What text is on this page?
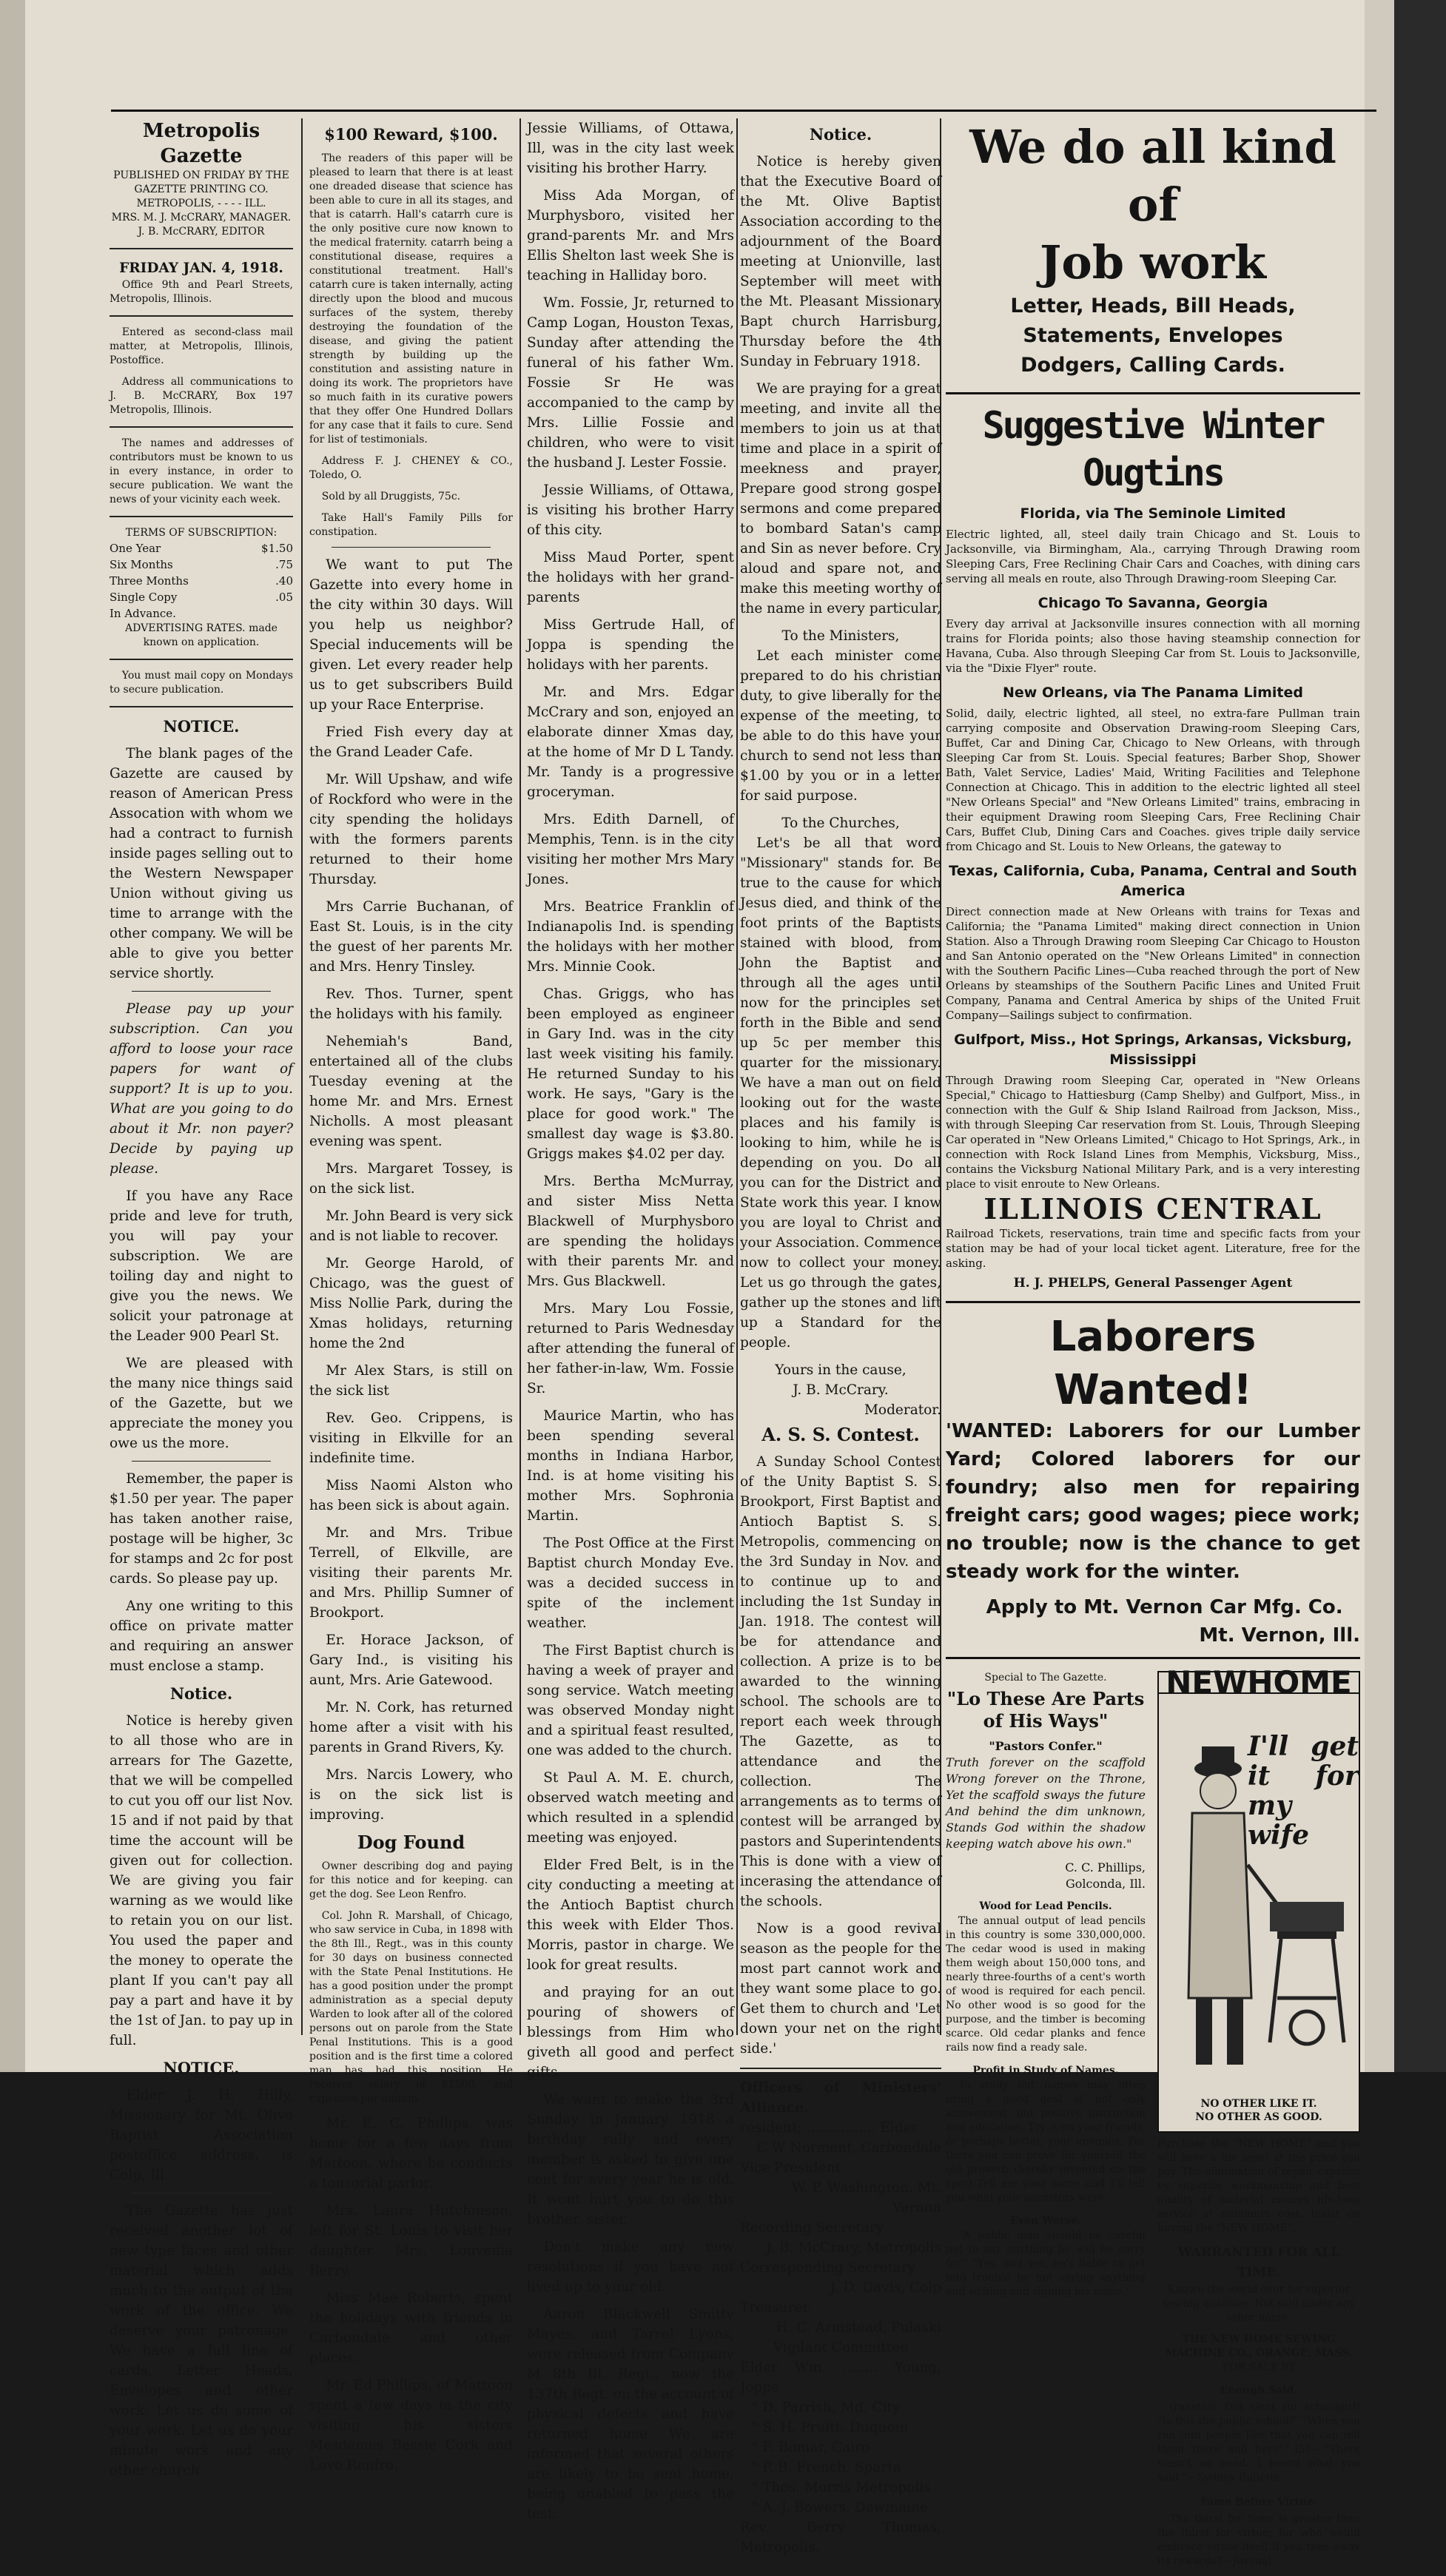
Metropolis Gazette
PUBLISHED ON FRIDAY BY THE GAZETTE PRINTING CO.
METROPOLIS, - - - - ILL.
MRS. M. J. McCRARY, MANAGER.
J. B. McCRARY, EDITOR
FRIDAY JAN. 4, 1918.

Office 9th and Pearl Streets, Metropolis, Illinois.

Entered as second-class mail matter, at Metropolis, Illinois, Postoffice.

Address all communications to J. B. McCRARY, Box 197 Metropolis, Illinois.

The names and addresses of contributors must be known to us in every instance, in order to secure publication. We want the news of your vicinity each week.

TERMS OF SUBSCRIPTION:
One Year	$1.50
Six Months	.75
Three Months	.40
Single Copy	.05
In Advance.
ADVERTISING RATES. made known on application.

You must mail copy on Mondays to secure publication.

NOTICE.

The blank pages of the Gazette are caused by reason of American Press Assocation with whom we had a contract to furnish inside pages selling out to the Western Newspaper Union without giving us time to arrange with the other company. We will be able to give you better service shortly.

Please pay up your subscription. Can you afford to loose your race papers for want of support? It is up to you. What are you going to do about it Mr. non payer? Decide by paying up please.

If you have any Race pride and leve for truth, you will pay your subscription. We are toiling day and night to give you the news. We solicit your patronage at the Leader 900 Pearl St.

We are pleased with the many nice things said of the Gazette, but we appreciate the money you owe us the more.

Remember, the paper is $1.50 per year. The paper has taken another raise, postage will be higher, 3c for stamps and 2c for post cards. So please pay up.

Any one writing to this office on private matter and requiring an answer must enclose a stamp.

Notice.

Notice is hereby given to all those who are in arrears for The Gazette, that we will be compelled to cut you off our list Nov. 15 and if not paid by that time the account will be given out for collection. We are giving you fair warning as we would like to retain you on our list. You used the paper and the money to operate the plant If you can't pay all pay a part and have it by the 1st of Jan. to pay up in full.

NOTICE.

Elder J. H. Hilly, Missionary for Mt. Olive Baptist Association postoffice address, is Colp, Ill.

The Gazette has just received another lot of new type faces and other material which adds much to the output of the work of the office. We deserve your patronage. We have a full line of cards, Letter Heads, Envelopes and other work. Let us do some of your work. Let us do your minute work and any other church

$100 Reward, $100.

The readers of this paper will be pleased to learn that there is at least one dreaded disease that science has been able to cure in all its stages, and that is catarrh. Hall's catarrh cure is the only positive cure now known to the medical fraternity. catarrh being a constitutional disease, requires a constitutional treatment. Hall's catarrh cure is taken internally, acting directly upon the blood and mucous surfaces of the system, thereby destroying the foundation of the disease, and giving the patient strength by building up the constitution and assisting nature in doing its work. The proprietors have so much faith in its curative powers that they offer One Hundred Dollars for any case that it fails to cure. Send for list of testimonials.

Address F. J. CHENEY & CO., Toledo, O.

Sold by all Druggists, 75c.

Take Hall's Family Pills for constipation.

We want to put The Gazette into every home in the city within 30 days. Will you help us neighbor? Special inducements will be given. Let every reader help us to get subscribers Build up your Race Enterprise.

Fried Fish every day at the Grand Leader Cafe.

Mr. Will Upshaw, and wife of Rockford who were in the city spending the holidays with the formers parents returned to their home Thursday.

Mrs Carrie Buchanan, of East St. Louis, is in the city the guest of her parents Mr. and Mrs. Henry Tinsley.

Rev. Thos. Turner, spent the holidays with his family.

Nehemiah's Band, entertained all of the clubs Tuesday evening at the home Mr. and Mrs. Ernest Nicholls. A most pleasant evening was spent.

Mrs. Margaret Tossey, is on the sick list.

Mr. John Beard is very sick and is not liable to recover.

Mr. George Harold, of Chicago, was the guest of Miss Nollie Park, during the Xmas holidays, returning home the 2nd

Mr Alex Stars, is still on the sick list

Rev. Geo. Crippens, is visiting in Elkville for an indefinite time.

Miss Naomi Alston who has been sick is about again.

Mr. and Mrs. Tribue Terrell, of Elkville, are visiting their parents Mr. and Mrs. Phillip Sumner of Brookport.

Er. Horace Jackson, of Gary Ind., is visiting his aunt, Mrs. Arie Gatewood.

Mr. N. Cork, has returned home after a visit with his parents in Grand Rivers, Ky.

Mrs. Narcis Lowery, who is on the sick list is improving.

Dog Found

Owner describing dog and paying for this notice and for keeping. can get the dog. See Leon Renfro.

Col. John R. Marshall, of Chicago, who saw service in Cuba, in 1898 with the 8th Ill., Regt., was in this county for 30 days on business connected with the State Penal Institutions. He has a good position under the prompt administration as a special deputy Warden to look after all of the colored persons out on parole from the State Penal Institutions. This is a good position and is the first time a colored man has had this position. He receives salary of $1500, and expenses per annum.

Mr. E. C. Phillips, was home for a few days from Mattoon, where he conducts a tonsorial parlor.

Mrs. Laura Hutchinson, left for St. Louis to visit her daughter Mrs. Louvenia Berry.

Miss Mae Roberts, spent the holidays with friends in Carbondale and other places.

Mr. Ed Phillips, of Mattoon spent a few days in the city visiting his sisters Mesdames Bessie Cork and Love Renfro.

Jessie Williams, of Ottawa, Ill, was in the city last week visiting his brother Harry.

Miss Ada Morgan, of Murphysboro, visited her grand-parents Mr. and Mrs Ellis Shelton last week She is teaching in Halliday boro.

Wm. Fossie, Jr, returned to Camp Logan, Houston Texas, Sunday after attending the funeral of his father Wm. Fossie Sr He was accompanied to the camp by Mrs. Lillie Fossie and children, who were to visit the husband J. Lester Fossie.

Jessie Williams, of Ottawa, is visiting his brother Harry of this city.

Miss Maud Porter, spent the holidays with her grand-parents

Miss Gertrude Hall, of Joppa is spending the holidays with her parents.

Mr. and Mrs. Edgar McCrary and son, enjoyed an elaborate dinner Xmas day, at the home of Mr D L Tandy. Mr. Tandy is a progressive groceryman.

Mrs. Edith Darnell, of Memphis, Tenn. is in the city visiting her mother Mrs Mary Jones.

Mrs. Beatrice Franklin of Indianapolis Ind. is spending the holidays with her mother Mrs. Minnie Cook.

Chas. Griggs, who has been employed as engineer in Gary Ind. was in the city last week visiting his family. He returned Sunday to his work. He says, "Gary is the place for good work." The smallest day wage is $3.80. Griggs makes $4.02 per day.

Mrs. Bertha McMurray, and sister Miss Netta Blackwell of Murphysboro are spending the holidays with their parents Mr. and Mrs. Gus Blackwell.

Mrs. Mary Lou Fossie, returned to Paris Wednesday after attending the funeral of her father-in-law, Wm. Fossie Sr.

Maurice Martin, who has been spending several months in Indiana Harbor, Ind. is at home visiting his mother Mrs. Sophronia Martin.

The Post Office at the First Baptist church Monday Eve. was a decided success in spite of the inclement weather.

The First Baptist church is having a week of prayer and song service. Watch meeting was observed Monday night and a spiritual feast resulted, one was added to the church.

St Paul A. M. E. church, observed watch meeting and which resulted in a splendid meeting was enjoyed.

Elder Fred Belt, is in the city conducting a meeting at the Antioch Baptist church this week with Elder Thos. Morris, pastor in charge. We look for great results.

and praying for an out pouring of showers of blessings from Him who giveth all good and perfect gifts.

We want to make the 3rd Sunday in January 1918 a birthday rally and every member is asked to give one cent for every year he is old. It wont hurt you to do this brother, sister.

Don't make any new resolutions if you have not lived up to your old.

Aaron Blackwell Smitty Mayes, and Tarrel Lyons, were released from Company M 8th Ill. Regt., now the 137th Regt. on the account of physical defects and have returned home We are informed that several others are likely to be sent home, being unabled to pass the test.

Notice.

Notice is hereby given that the Executive Board of the Mt. Olive Baptist Association according to the adjournment of the Board meeting at Unionville, last September will meet with the Mt. Pleasant Missionary Bapt church Harrisburg, Thursday before the 4th Sunday in February 1918.

We are praying for a great meeting, and invite all the members to join us at that time and place in a spirit of meekness and prayer, Prepare good strong gospel sermons and come prepared to bombard Satan's camp and Sin as never before. Cry aloud and spare not, and make this meeting worthy of the name in every particular,

To the Ministers,

Let each minister come prepared to do his christian duty, to give liberally for the expense of the meeting, to be able to do this have your church to send not less than $1.00 by you or in a letter for said purpose.

To the Churches,

Let's be all that word "Missionary" stands for. Be true to the cause for which Jesus died, and think of the foot prints of the Baptists stained with blood, from John the Baptist and through all the ages until now for the principles set forth in the Bible and send up 5c per member this quarter for the missionary. We have a man out on field looking out for the waste places and his family is looking to him, while he is depending on you. Do all you can for the District and State work this year. I know you are loyal to Christ and your Association. Commence now to collect your money. Let us go through the gates, gather up the stones and lift up a Standard for the people.

Yours in the cause,
J. B. McCrary.
Moderator.
A. S. S. Contest.

A Sunday School Contest of the Unity Baptist S. S. Brookport, First Baptist and Antioch Baptist S. S. Metropolis, commencing on the 3rd Sunday in Nov. and to continue up to and including the 1st Sunday in Jan. 1918. The contest will be for attendance and collection. A prize is to be awarded to the winning school. The schools are to report each week through The Gazette, as to attendance and the collection. The arrangements as to terms of contest will be arranged by pastors and Superintendents This is done with a view of incerasing the attendance of the schools.

Now is a good revival season as the people for the most part cannot work and they want some place to go. Get them to church and 'Let down your net on the right side.'

Officers of Ministers' Alliance.
resident; ................ Elder
C W Norment, Carbondale
Vice President
W. P. Washington, Mt. Vernon
Recording Secretary
J. B. McCrary, Metropolis
Corresponding Secretary
J. D. Davis, Colp
Treasurer
H. C. Armstead, Pulaski
Vigilant Committee
Elder Wm. ........ Young, Joppa
" D. Parrish, Md. City
" S. H. Pruitt, Duquoin
" F. Bomar, Cairo
" P. B. French, Sparta
" Thos. Morris Metropolis
" A. J. Bowers, Dewmaine
Rev. Berry Thomas, Metropolis.
We do all kind of
Job work
Letter, Heads, Bill Heads,
Statements, Envelopes
Dodgers, Calling Cards.
Suggestive Winter Ougtins
Florida, via The Seminole Limited

Electric lighted, all, steel daily train Chicago and St. Louis to Jacksonville, via Birmingham, Ala., carrying Through Drawing room Sleeping Cars, Free Reclining Chair Cars and Coaches, with dining cars serving all meals en route, also Through Drawing-room Sleeping Car.

Chicago To Savanna, Georgia

Every day arrival at Jacksonville insures connection with all morning trains for Florida points; also those having steamship connection for Havana, Cuba. Also through Sleeping Car from St. Louis to Jacksonville, via the "Dixie Flyer" route.

New Orleans, via The Panama Limited

Solid, daily, electric lighted, all steel, no extra-fare Pullman train carrying composite and Observation Drawing-room Sleeping Cars, Buffet, Car and Dining Car, Chicago to New Orleans, with through Sleeping Car from St. Louis. Special features; Barber Shop, Shower Bath, Valet Service, Ladies' Maid, Writing Facilities and Telephone Connection at Chicago. This in addition to the electric lighted all steel "New Orleans Special" and "New Orleans Limited" trains, embracing in their equipment Drawing room Sleeping Cars, Free Reclining Chair Cars, Buffet Club, Dining Cars and Coaches. gives triple daily service from Chicago and St. Louis to New Orleans, the gateway to

Texas, California, Cuba, Panama, Central and South America

Direct connection made at New Orleans with trains for Texas and California; the "Panama Limited" making direct connection in Union Station. Also a Through Drawing room Sleeping Car Chicago to Houston and San Antonio operated on the "New Orleans Limited" in connection with the Southern Pacific Lines—Cuba reached through the port of New Orleans by steamships of the Southern Pacific Lines and United Fruit Company, Panama and Central America by ships of the United Fruit Company—Sailings subject to confirmation.

Gulfport, Miss., Hot Springs, Arkansas, Vicksburg, Mississippi

Through Drawing room Sleeping Car, operated in "New Orleans Special," Chicago to Hattiesburg (Camp Shelby) and Gulfport, Miss., in connection with the Gulf & Ship Island Railroad from Jackson, Miss., with through Sleeping Car reservation from St. Louis, Through Sleeping Car operated in "New Orleans Limited," Chicago to Hot Springs, Ark., in connection with Rock Island Lines from Memphis, Vicksburg, Miss., contains the Vicksburg National Military Park, and is a very interesting place to visit enroute to New Orleans.

ILLINOIS CENTRAL

Railroad Tickets, reservations, train time and specific facts from your station may be had of your local ticket agent. Literature, free for the asking.

H. J. PHELPS, General Passenger Agent
Laborers Wanted!

'WANTED: Laborers for our Lumber Yard; Colored laborers for our foundry; also men for repairing freight cars; good wages; piece work; no trouble; now is the chance to get steady work for the winter.

Apply to Mt. Vernon Car Mfg. Co.

Mt. Vernon, Ill.

Special to The Gazette.
"Lo These Are Parts of His Ways"
"Pastors Confer."

Truth forever on the scaffold Wrong forever on the Throne, Yet the scaffold sways the future And behind the dim unknown, Stands God within the shadow keeping watch above his own."

C. C. Phillips,
Golconda, Ill.
Wood for Lead Pencils.

The annual output of lead pencils in this country is some 330,000,000. The cedar wood is used in making them weigh about 150,000 tons, and nearly three-fourths of a cent's worth of wood is required for each pencil. No other wood is so good for the purpose, and the timber is becoming scarce. Old cedar planks and fence rails now find a ready sale.

Profit in Study of Names.

To study out names may often bring a good deal of not only amusement, but positive instruction and education. Try it on your friends, or perhaps better, your enemies. For there you can prove for yourself the old proverb (hereby invented on the spot) Tell me your name and I'll tell you what your ancestors were.

Even Worse.

"A public man should be careful not to say anything he will be sorry for." "Yes, and yet, he's liable to get into trouble by not saying anything and writing and signing his name."

NEWHOME
I'll get it for my wife
NO OTHER LIKE IT.
NO OTHER AS GOOD.

Purchase the "NEW HOME" and you will have a life asset at the price you pay. The elimination of repair expense by superior workmanship and best quality of material insures life-long service at minimum cost. Insist on having the "NEW HOME".

WARRANTED FOR ALL TIME.

Known the world over for superior sewing qualities. Not sold under any other name.

THE NEW HOME SEWING MACHINE CO., ORANGE, MASS.
FOR SALE BY
Enough Said.

(raaethle Old Gent (to schoolgirl) "Is this the public school?" "When you run into people like that you can tell them 'there' and 'here'." (5)— "There wasn't no need. I heard what you said."—Sydney Bulletin.

Fame Before Virtue.

The thirst for fame is greater than the thirst for virtue; for who would embrace virtue itself if you take away its rewards?—Juvenal.
